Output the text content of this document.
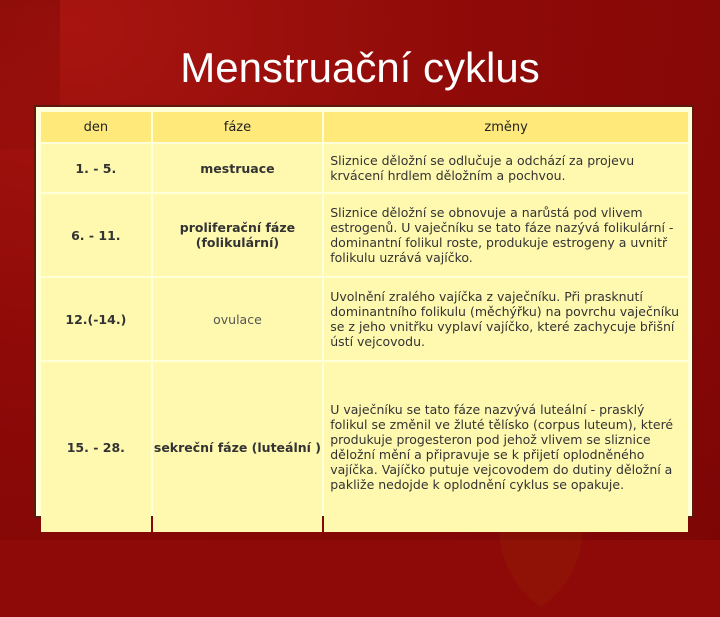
Menstruační cyklus
den	fáze	změny
1. - 5.	mestruace	Sliznice děložní se odlučuje a odchází za projevu krvácení hrdlem děložním a pochvou.
6. - 11.	proliferační fáze (folikulární)	Sliznice děložní se obnovuje a narůstá pod vlivem estrogenů. U vaječníku se tato fáze nazývá folikulární - dominantní folikul roste, produkuje estrogeny a uvnitř folikulu uzrává vajíčko.
12.(-14.)	ovulace	Uvolnění zralého vajíčka z vaječníku. Při prasknutí dominantního folikulu (měchýřku) na povrchu vaječníku se z jeho vnitřku vyplaví vajíčko, které zachycuje břišní ústí vejcovodu.
15. - 28.	sekreční fáze (luteální )	U vaječníku se tato fáze nazvývá luteální - prasklý folikul se změnil ve žluté tělísko (corpus luteum), které produkuje progesteron pod jehož vlivem se sliznice děložní mění a připravuje se k přijetí oplodněného vajíčka. Vajíčko putuje vejcovodem do dutiny děložní a pakliže nedojde k oplodnění cyklus se opakuje.
